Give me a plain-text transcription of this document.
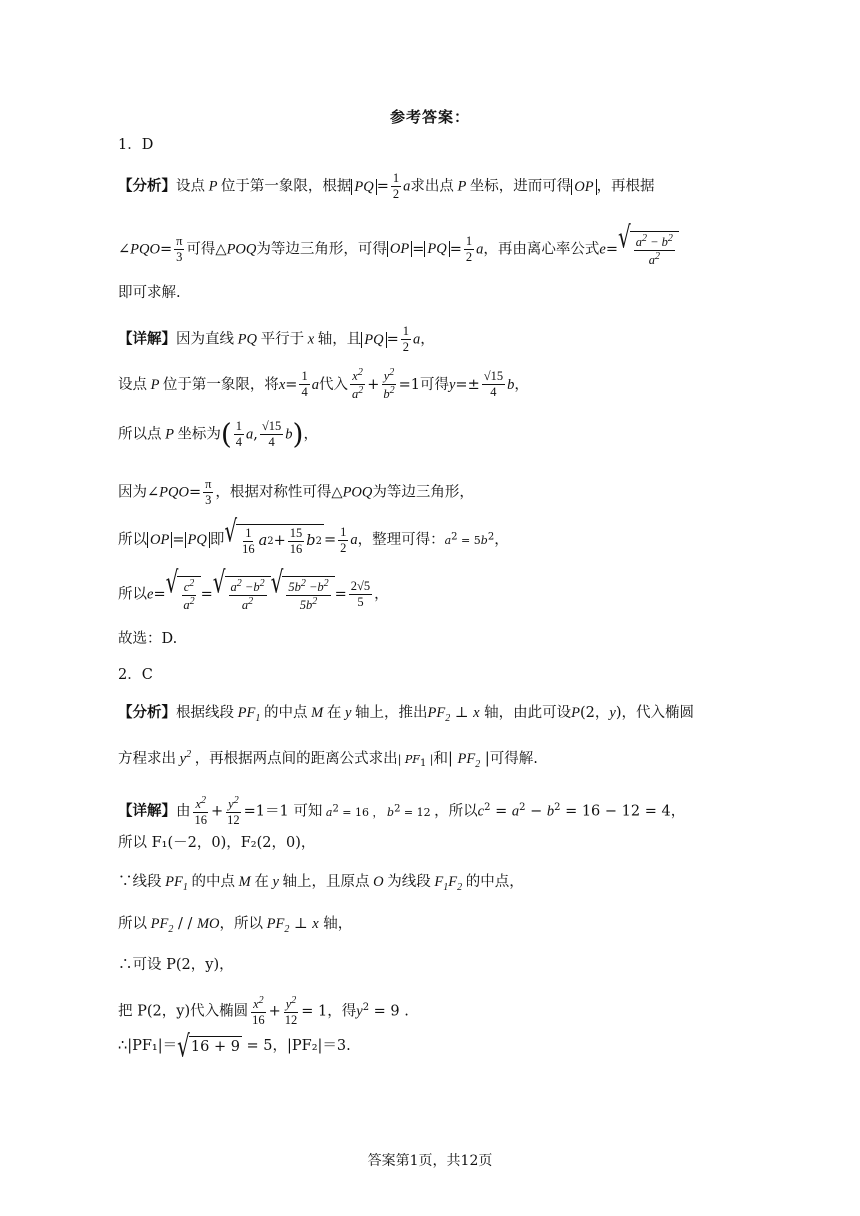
参考答案：
1．D
【分析】设点 P 位于第一象限，根据 PQ = $\frac{1}{2}$ a求出点 P 坐标，进而可得 OP ，再根据
∠PQO= $\frac{\pi}{3}$ 可得△POQ为等边三角形，可得 OP = PQ = $\frac{1}{2}$ a，再由离心率公式e= √ $\frac{a^2 - b^2}{a^2}$
即可求解.
【详解】因为直线 PQ 平行于 x 轴，且 PQ = $\frac{1}{2}$ a，
设点 P 位于第一象限，将$x= \frac{1}{4}$ a代入 $\frac{x^2}{a^2} + \frac{y^2}{b^2} =1$可得$y=\pm \frac{√15}{4}$ b，
所以点 P 坐标为( $\frac{1}{4} a$, $\frac{√15}{4} b$)，
因为∠PQO= $\frac{\pi}{3}$ ，根据对称性可得△POQ为等边三角形，
所以 OP = PQ 即 √ $\frac{1}{16}$ a $2 + \frac{15}{16}$ b $2 = \frac{1}{2}$ a，整理可得：$a^2 = 5b^2$，
所以e= √ $\frac{c^2}{a^2}$ = √ $\frac{a^2 -b^2}{a^2}$ √ $\frac{5b^2 -b^2}{5b^2} = \frac{2√5}{5}$ ，
故选：D.
2．C
【分析】根据线段 $PF_1$ 的中点 M 在 y 轴上，推出$PF_2$ ⊥ x 轴，由此可设P(2，y)，代入椭圆
方程求出 $y^2$ ，再根据两点间的距离公式求出| $PF_1$ |和| $PF_2$ |可得解.
【详解】由 $\frac{x^2}{16} + \frac{y^2}{12} =1=1$ 可知 $a^2 = 16$ ， $b^2 = 12$ ，所以$c^2 = a^2 - b^2 = 16 - 12 = 4$，
所以 F₁(－2，0)，F₂(2，0)，
∵线段 $PF_1$ 的中点 M 在 y 轴上，且原点 O 为线段 $F_1F_2$ 的中点，
所以 $PF_2$ / / MO，所以 $PF_2$ ⊥ x 轴，
∴可设 P(2，y)，
把 P(2，y)代入椭圆 $\frac{x^2}{16} + \frac{y^2}{12} = 1$，得$y^2 = 9$ .
∴|PF₁|＝ √ 16 + 9 = 5，|PF₂|＝3.
答案第1页，共12页
